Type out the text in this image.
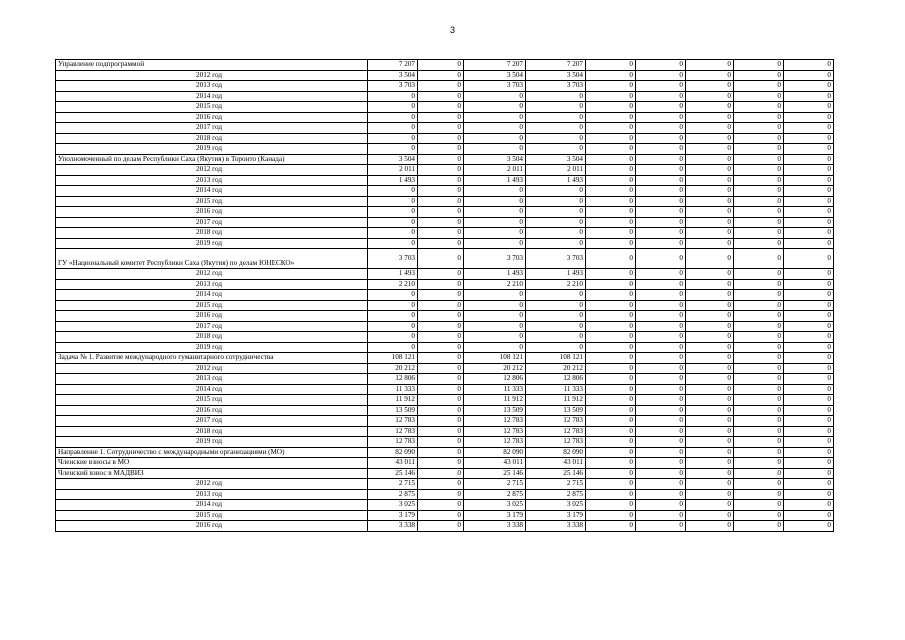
3
Управление подпрограммой	7 207	0	7 207	7 207	0	0	0	0	0
2012 год	3 504	0	3 504	3 504	0	0	0	0	0
2013 год	3 703	0	3 703	3 703	0	0	0	0	0
2014 год	0	0	0	0	0	0	0	0	0
2015 год	0	0	0	0	0	0	0	0	0
2016 год	0	0	0	0	0	0	0	0	0
2017 год	0	0	0	0	0	0	0	0	0
2018 год	0	0	0	0	0	0	0	0	0
2019 год	0	0	0	0	0	0	0	0	0
Уполномоченный по делам Республики Саха (Якутия) в Торонто (Канада)	3 504	0	3 504	3 504	0	0	0	0	0
2012 год	2 011	0	2 011	2 011	0	0	0	0	0
2013 год	1 493	0	1 493	1 493	0	0	0	0	0
2014 год	0	0	0	0	0	0	0	0	0
2015 год	0	0	0	0	0	0	0	0	0
2016 год	0	0	0	0	0	0	0	0	0
2017 год	0	0	0	0	0	0	0	0	0
2018 год	0	0	0	0	0	0	0	0	0
2019 год	0	0	0	0	0	0	0	0	0
ГУ «Национальный комитет Республики Саха (Якутия) по делам ЮНЕСКО»	3 703	0	3 703	3 703	0	0	0	0	0
2012 год	1 493	0	1 493	1 493	0	0	0	0	0
2013 год	2 210	0	2 210	2 210	0	0	0	0	0
2014 год	0	0	0	0	0	0	0	0	0
2015 год	0	0	0	0	0	0	0	0	0
2016 год	0	0	0	0	0	0	0	0	0
2017 год	0	0	0	0	0	0	0	0	0
2018 год	0	0	0	0	0	0	0	0	0
2019 год	0	0	0	0	0	0	0	0	0
Задача № 1. Развитие международного гуманитарного сотрудничества	108 121	0	108 121	108 121	0	0	0	0	0
2012 год	20 212	0	20 212	20 212	0	0	0	0	0
2013 год	12 806	0	12 806	12 806	0	0	0	0	0
2014 год	11 333	0	11 333	11 333	0	0	0	0	0
2015 год	11 912	0	11 912	11 912	0	0	0	0	0
2016 год	13 509	0	13 509	13 509	0	0	0	0	0
2017 год	12 783	0	12 783	12 783	0	0	0	0	0
2018 год	12 783	0	12 783	12 783	0	0	0	0	0
2019 год	12 783	0	12 783	12 783	0	0	0	0	0
Направление 1. Сотрудничество с международными организациями (МО)	82 090	0	82 090	82 090	0	0	0	0	0
Членские взносы в МО	43 011	0	43 011	43 011	0	0	0	0	0
Членский взнос в МАДВИЗ	25 146	0	25 146	25 146	0	0	0	0	0
2012 год	2 715	0	2 715	2 715	0	0	0	0	0
2013 год	2 875	0	2 875	2 875	0	0	0	0	0
2014 год	3 025	0	3 025	3 025	0	0	0	0	0
2015 год	3 179	0	3 179	3 179	0	0	0	0	0
2016 год	3 338	0	3 338	3 338	0	0	0	0	0
